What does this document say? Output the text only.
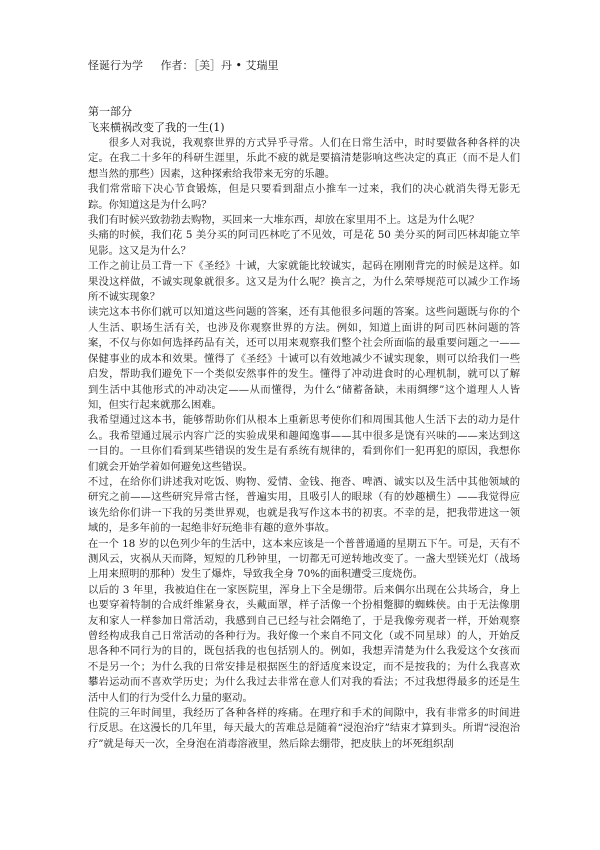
怪诞行为学 作者：［美］丹 • 艾瑞里
第一部分
飞来横祸改变了我的一生(1)

很多人对我说，我观察世界的方式异乎寻常。人们在日常生活中，时时要做各种各样的决定。在我二十多年的科研生涯里，乐此不疲的就是要搞清楚影响这些决定的真正（而不是人们想当然的那些）因素，这种探索给我带来无穷的乐趣。

我们常常暗下决心节食锻炼，但是只要看到甜点小推车一过来，我们的决心就消失得无影无踪。你知道这是为什么吗？

我们有时候兴致勃勃去购物，买回来一大堆东西，却放在家里用不上。这是为什么呢？

头痛的时候，我们花 5 美分买的阿司匹林吃了不见效，可是花 50 美分买的阿司匹林却能立竿见影。这又是为什么？

工作之前让员工背一下《圣经》十诫，大家就能比较诚实，起码在刚刚背完的时候是这样。如果没这样做，不诚实现象就很多。这又是为什么呢？换言之，为什么荣辱规范可以减少工作场所不诚实现象？

读完这本书你们就可以知道这些问题的答案，还有其他很多问题的答案。这些问题既与你的个人生活、职场生活有关，也涉及你观察世界的方法。例如，知道上面讲的阿司匹林问题的答案，不仅与你如何选择药品有关，还可以用来观察我们整个社会所面临的最重要问题之一——保健事业的成本和效果。懂得了《圣经》十诫可以有效地减少不诚实现象，则可以给我们一些启发，帮助我们避免下一个类似安然事件的发生。懂得了冲动进食时的心理机制，就可以了解到生活中其他形式的冲动决定——从而懂得，为什么“储蓄备缺，未雨绸缪”这个道理人人皆知，但实行起来就那么困难。

我希望通过这本书，能够帮助你们从根本上重新思考使你们和周围其他人生活下去的动力是什么。我希望通过展示内容广泛的实验成果和趣闻逸事——其中很多是饶有兴味的——来达到这一目的。一旦你们看到某些错误的发生是有系统有规律的，看到你们一犯再犯的原因，我想你们就会开始学着如何避免这些错误。

不过，在给你们讲述我对吃饭、购物、爱情、金钱、拖沓、啤酒、诚实以及生活中其他领域的研究之前——这些研究异常古怪，普遍实用，且吸引人的眼球（有的妙趣横生）——我觉得应该先给你们讲一下我的另类世界观，也就是我写作这本书的初衷。不幸的是，把我带进这一领域的，是多年前的一起绝非好玩绝非有趣的意外事故。

在一个 18 岁的以色列少年的生活中，这本来应该是一个普普通通的星期五下午。可是，天有不测风云，灾祸从天而降，短短的几秒钟里，一切都无可逆转地改变了。一盏大型镁光灯（战场上用来照明的那种）发生了爆炸，导致我全身 70%的面积遭受三度烧伤。

以后的 3 年里，我被迫住在一家医院里，浑身上下全是绷带。后来偶尔出现在公共场合，身上也要穿着特制的合成纤维紧身衣，头戴面罩，样子活像一个扮相蹩脚的蜘蛛侠。由于无法像朋友和家人一样参加日常活动，我感到自己已经与社会隔绝了，于是我像旁观者一样，开始观察曾经构成我自己日常活动的各种行为。我好像一个来自不同文化（或不同星球）的人，开始反思各种不同行为的目的，既包括我的也包括别人的。例如，我想弄清楚为什么我爱这个女孩而不是另一个；为什么我的日常安排是根据医生的舒适度来设定，而不是按我的；为什么我喜欢攀岩运动而不喜欢学历史；为什么我过去非常在意人们对我的看法；不过我想得最多的还是生活中人们的行为受什么力量的驱动。

住院的三年时间里，我经历了各种各样的疼痛。在理疗和手术的间隙中，我有非常多的时间进行反思。在这漫长的几年里，每天最大的苦难总是随着“浸泡治疗”结束才算到头。所谓“浸泡治疗”就是每天一次，全身泡在消毒溶液里，然后除去绷带，把皮肤上的坏死组织刮
